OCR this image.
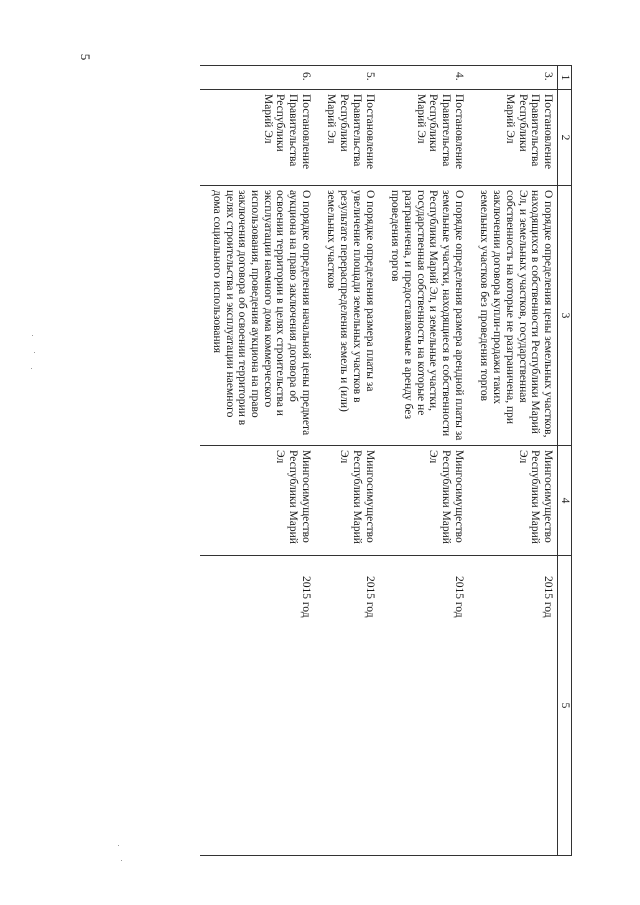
5
1	2	3	4	5
3.	Постановление Правительства Республики Марий Эл	О порядке определения цены земельных участков, находящихся в собственности Республики Марий Эл, и земельных участков, государственная собственность на которые не разграничена, при заключении договора купли-продажи таких земельных участков без проведения торгов	Мингосимущество Республики Марий Эл	2015 год
4.	Постановление Правительства Республики Марий Эл	О порядке определения размера арендной платы за земельные участки, находящиеся в собственности Республики Марий Эл, и земельные участки, государственная собственность на которые не разграничена, и предоставляемые в аренду без проведения торгов	Мингосимущество Республики Марий Эл	2015 год
5.	Постановление Правительства Республики Марий Эл	О порядке определения размера платы за увеличение площади земельных участков в результате перераспределения земель и (или) земельных участков	Мингосимущество Республики Марий Эл	2015 год
6.	Постановление Правительства Республики Марий Эл	О порядке определения начальной цены предмета аукциона на право заключения договора об освоении территории в целях строительства и эксплуатации наемного дома коммерческого использования, проведения аукциона на право заключения договора об освоении территории в целях строительства и эксплуатации наемного дома социального использования	Мингосимущество Республики Марий Эл	2015 год
